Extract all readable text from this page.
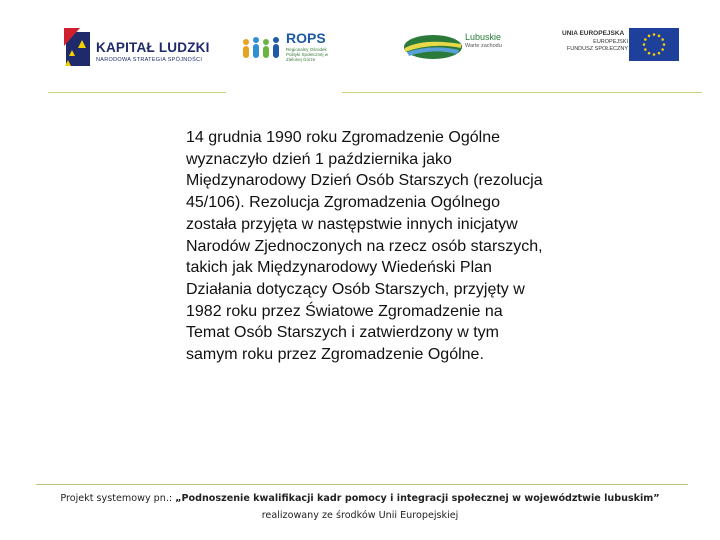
KAPITAŁ LUDZKI
NARODOWA STRATEGIA SPÓJNOŚCI
ROPS
Regionalny Ośrodek Polityki Społecznej w Zielonej Górze
Lubuskie
Warte zachodu
UNIA EUROPEJSKA
EUROPEJSKI
FUNDUSZ SPOŁECZNY
14 grudnia 1990 roku Zgromadzenie Ogólne wyznaczyło dzień 1 października jako Międzynarodowy Dzień Osób Starszych (rezolucja 45/106). Rezolucja Zgromadzenia Ogólnego została przyjęta w następstwie innych inicjatyw Narodów Zjednoczonych na rzecz osób starszych, takich jak Międzynarodowy Wiedeński Plan Działania dotyczący Osób Starszych, przyjęty w 1982 roku przez Światowe Zgromadzenie na Temat Osób Starszych i zatwierdzony w tym samym roku przez Zgromadzenie Ogólne.
Projekt systemowy pn.: „Podnoszenie kwalifikacji kadr pomocy i integracji społecznej w województwie lubuskim”
realizowany ze środków Unii Europejskiej
